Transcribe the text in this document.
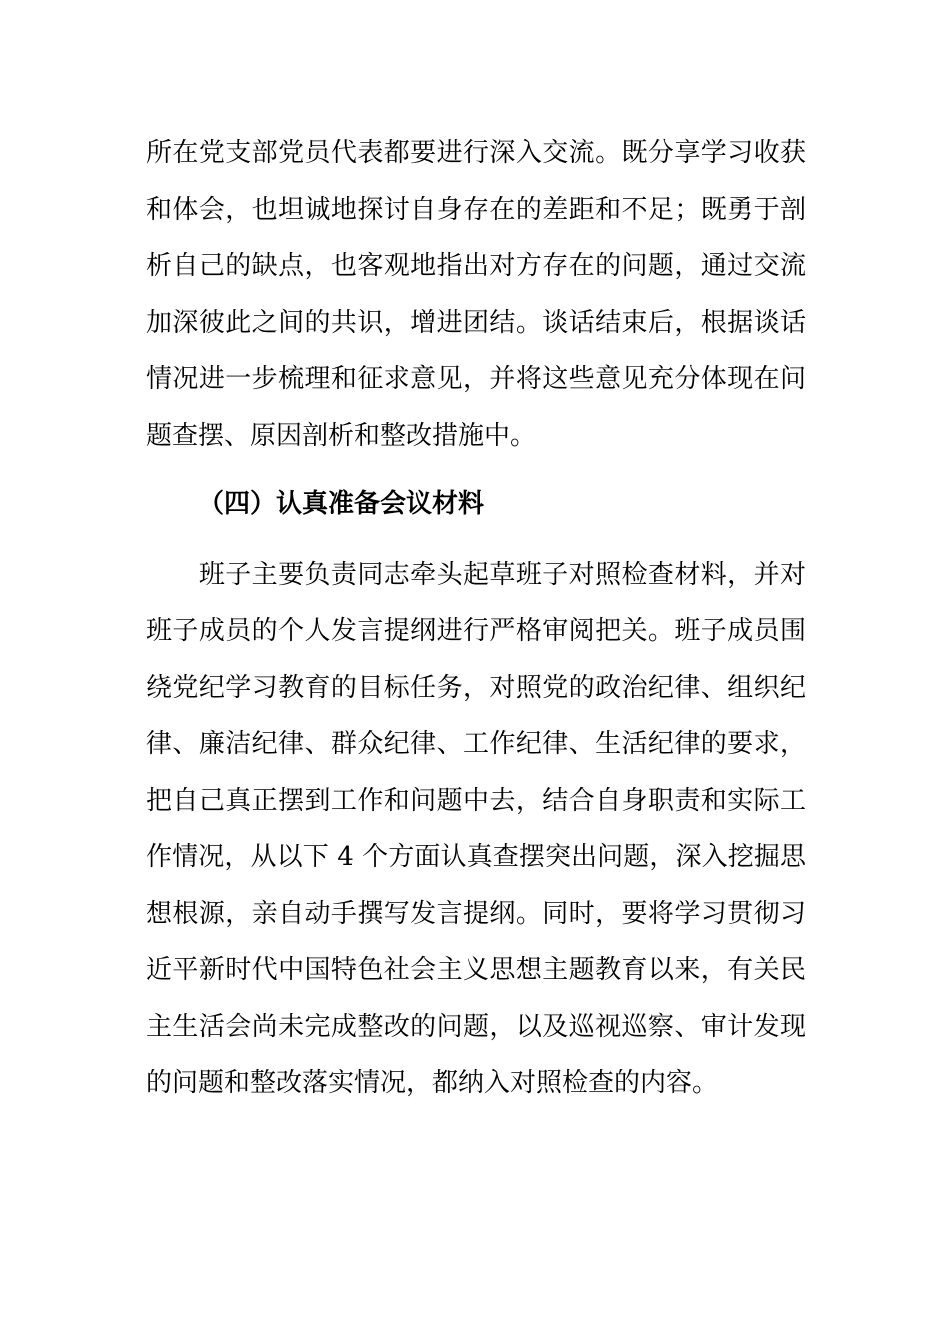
所在党支部党员代表都要进行深入交流。既分享学习收获
和体会，也坦诚地探讨自身存在的差距和不足；既勇于剖
析自己的缺点，也客观地指出对方存在的问题，通过交流
加深彼此之间的共识，增进团结。谈话结束后，根据谈话
情况进一步梳理和征求意见，并将这些意见充分体现在问
题查摆、原因剖析和整改措施中。
（四）认真准备会议材料
　　班子主要负责同志牵头起草班子对照检查材料，并对
班子成员的个人发言提纲进行严格审阅把关。班子成员围
绕党纪学习教育的目标任务，对照党的政治纪律、组织纪
律、廉洁纪律、群众纪律、工作纪律、生活纪律的要求，
把自己真正摆到工作和问题中去，结合自身职责和实际工
作情况，从以下 4 个方面认真查摆突出问题，深入挖掘思
想根源，亲自动手撰写发言提纲。同时，要将学习贯彻习
近平新时代中国特色社会主义思想主题教育以来，有关民
主生活会尚未完成整改的问题，以及巡视巡察、审计发现
的问题和整改落实情况，都纳入对照检查的内容。
